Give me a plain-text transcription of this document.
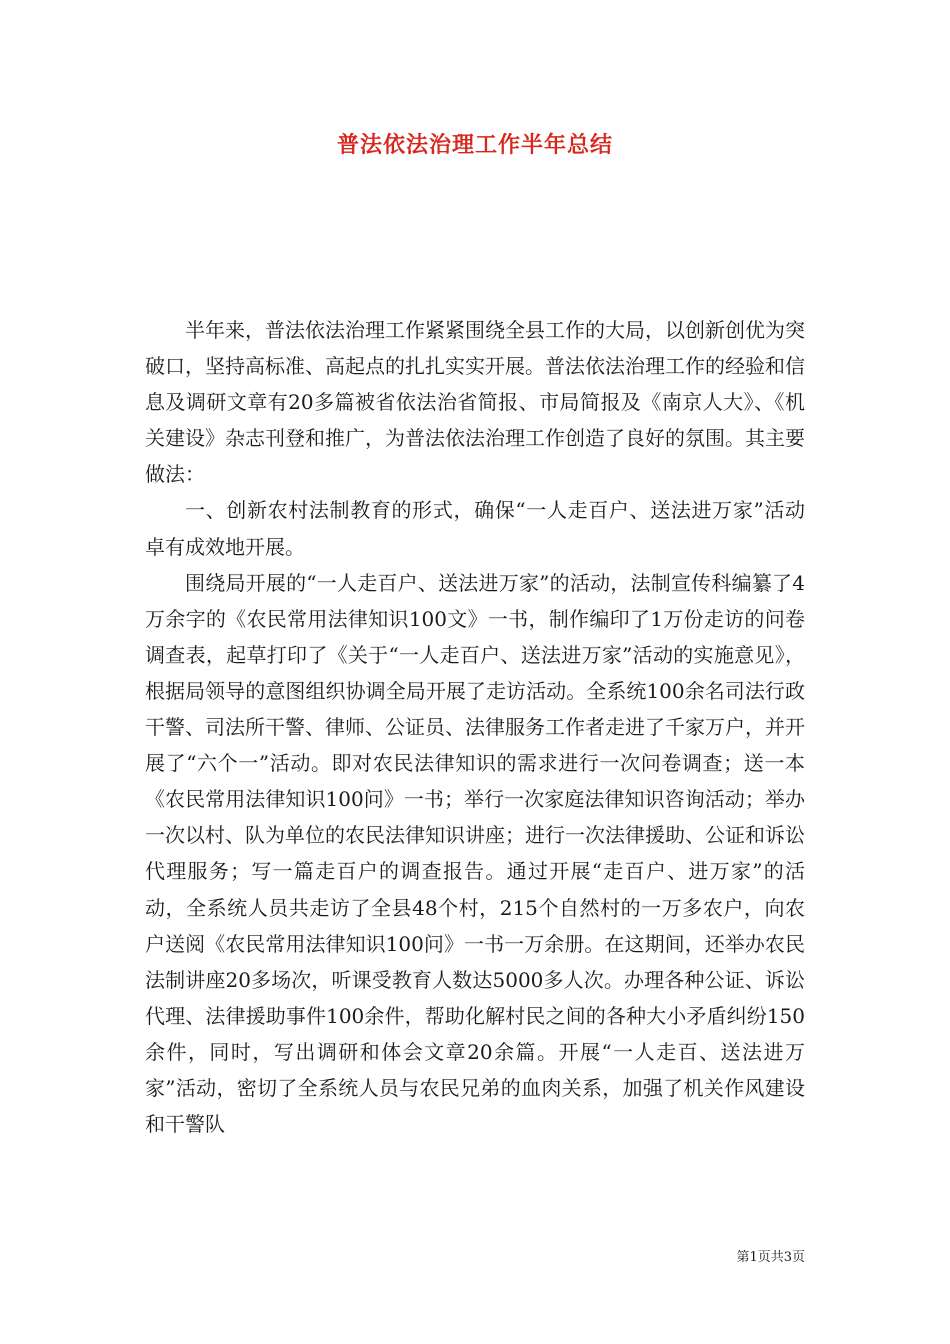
普法依法治理工作半年总结

半年来，普法依法治理工作紧紧围绕全县工作的大局，以创新创优为突破口，坚持高标准、高起点的扎扎实实开展。普法依法治理工作的经验和信息及调研文章有20多篇被省依法治省简报、市局简报及《南京人大》、《机关建设》杂志刊登和推广，为普法依法治理工作创造了良好的氛围。其主要做法：

一、创新农村法制教育的形式，确保“一人走百户、送法进万家”活动卓有成效地开展。

围绕局开展的“一人走百户、送法进万家”的活动，法制宣传科编纂了4万余字的《农民常用法律知识100文》一书，制作编印了1万份走访的问卷调查表，起草打印了《关于“一人走百户、送法进万家”活动的实施意见》，根据局领导的意图组织协调全局开展了走访活动。全系统100余名司法行政干警、司法所干警、律师、公证员、法律服务工作者走进了千家万户，并开展了“六个一”活动。即对农民法律知识的需求进行一次问卷调查；送一本《农民常用法律知识100问》一书；举行一次家庭法律知识咨询活动；举办一次以村、队为单位的农民法律知识讲座；进行一次法律援助、公证和诉讼代理服务；写一篇走百户的调查报告。通过开展“走百户、进万家”的活动，全系统人员共走访了全县48个村，215个自然村的一万多农户，向农户送阅《农民常用法律知识100问》一书一万余册。在这期间，还举办农民法制讲座20多场次，听课受教育人数达5000多人次。办理各种公证、诉讼代理、法律援助事件100余件，帮助化解村民之间的各种大小矛盾纠纷150余件，同时，写出调研和体会文章20余篇。开展“一人走百、送法进万家”活动，密切了全系统人员与农民兄弟的血肉关系，加强了机关作风建设和干警队

第1页共3页
